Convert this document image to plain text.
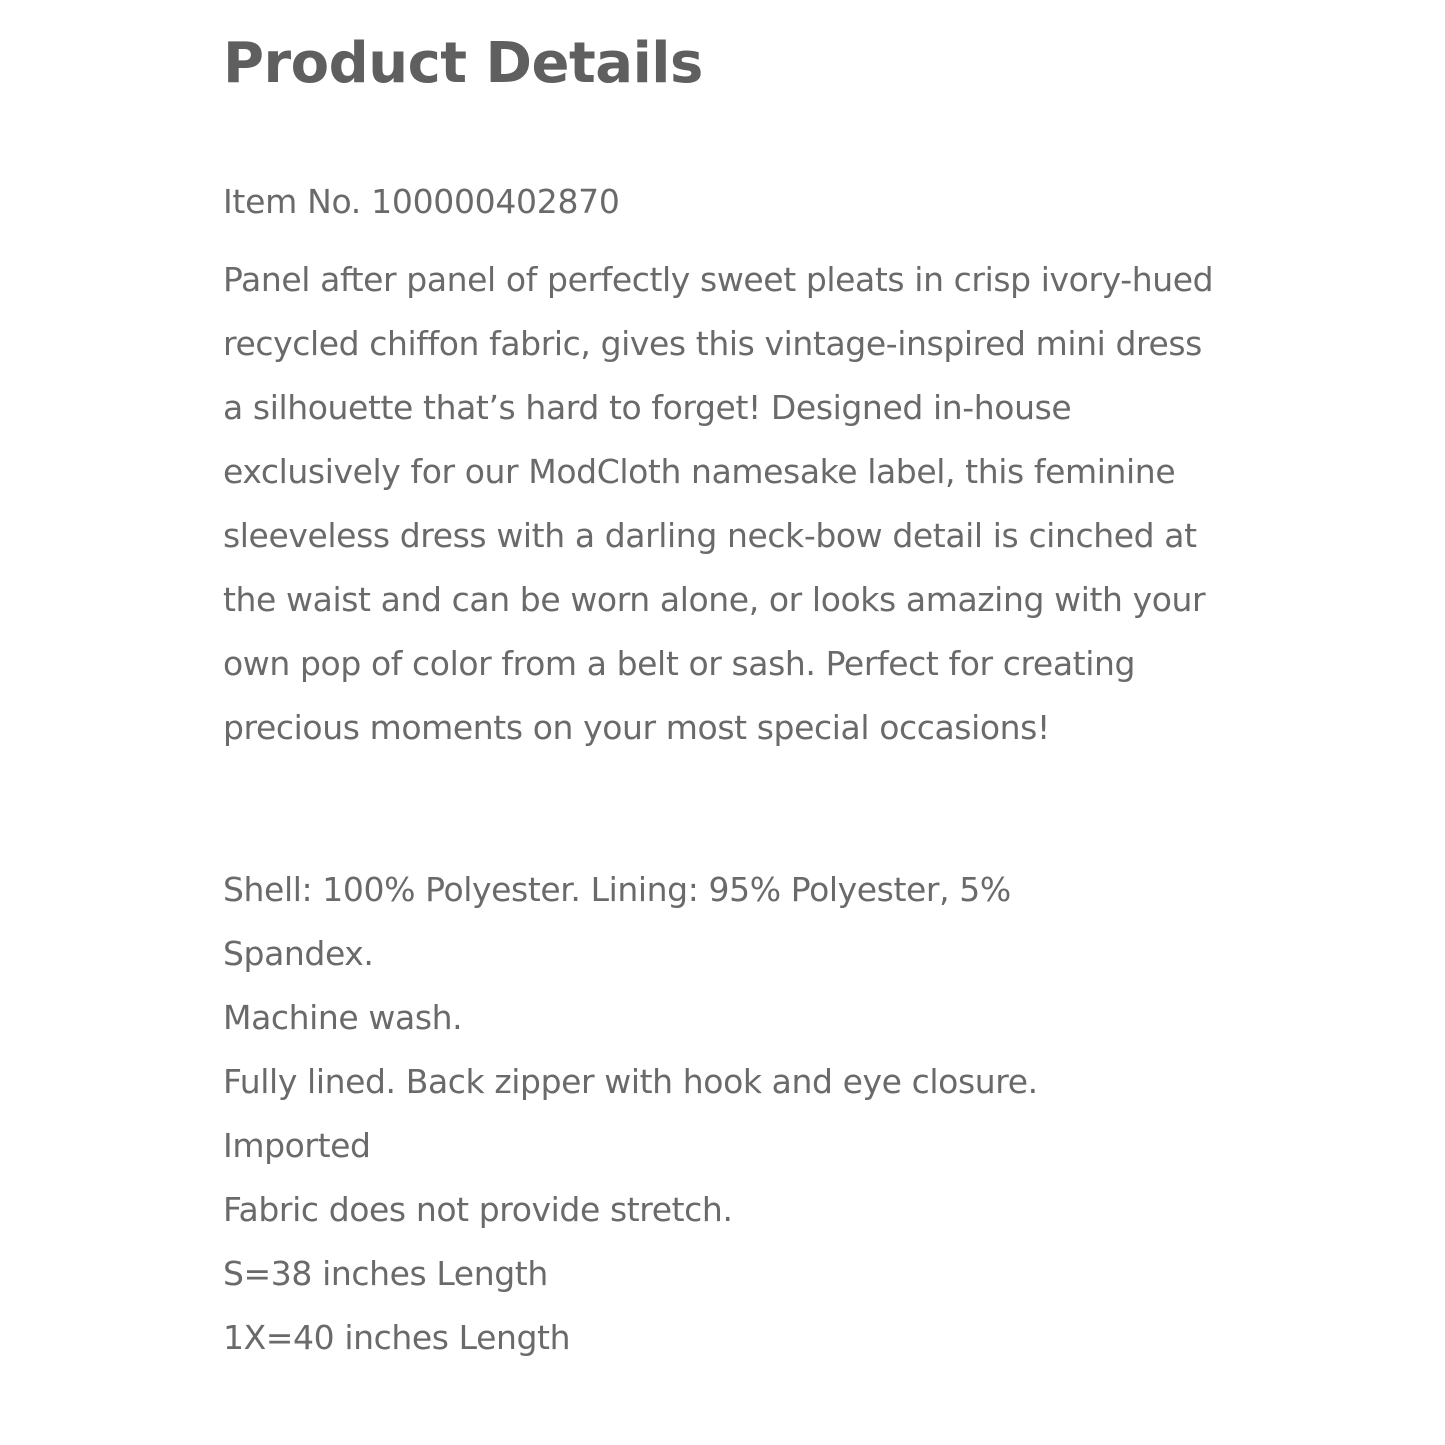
Product Details

Item No. 100000402870

Panel after panel of perfectly sweet pleats in crisp ivory-hued recycled chiffon fabric, gives this vintage-inspired mini dress a silhouette that’s hard to forget! Designed in-house exclusively for our ModCloth namesake label, this feminine sleeveless dress with a darling neck-bow detail is cinched at the waist and can be worn alone, or looks amazing with your own pop of color from a belt or sash. Perfect for creating precious moments on your most special occasions!

Shell: 100% Polyester. Lining: 95% Polyester, 5% Spandex.
Machine wash.
Fully lined. Back zipper with hook and eye closure.
Imported
Fabric does not provide stretch.
S=38 inches Length
1X=40 inches Length
